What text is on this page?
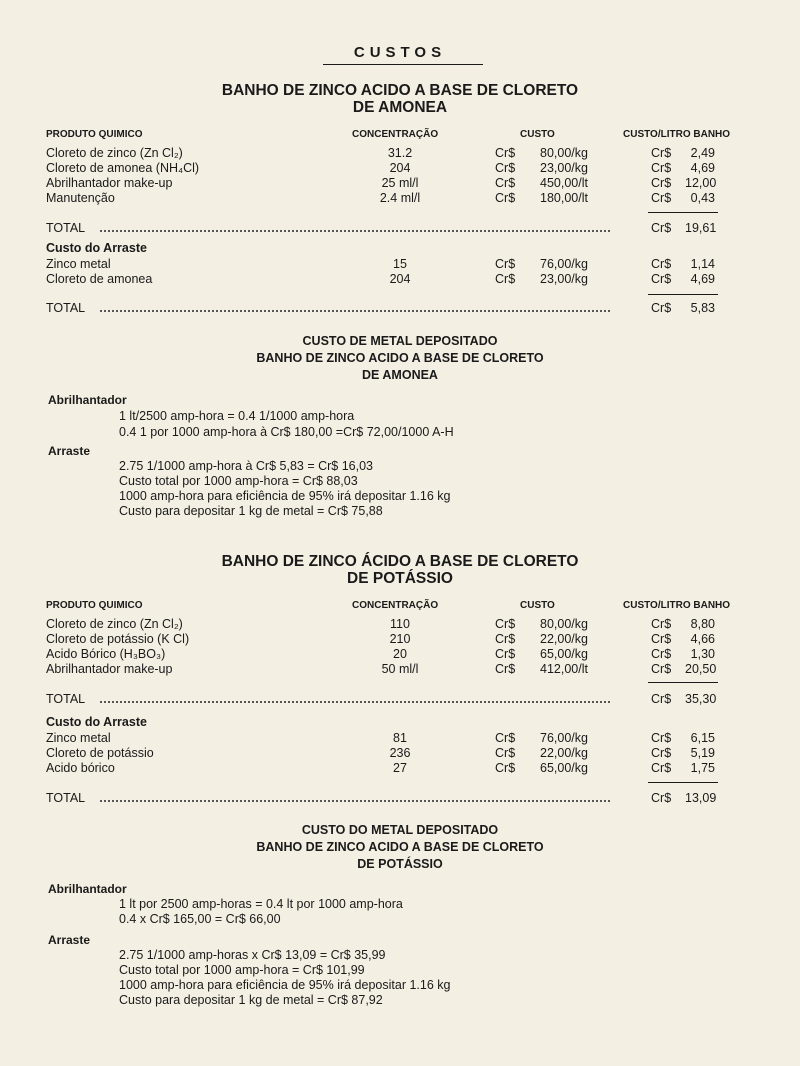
CUSTOS
BANHO DE ZINCO ACIDO A BASE DE CLORETO
DE AMONEA
PRODUTO QUIMICO	CONCENTRAÇÃO	CUSTO	CUSTO/LITRO BANHO
Cloreto de zinco (Zn Cl₂)	31.2	Cr$	80,00/kg	Cr$	2,49
Cloreto de amonea (NH₄Cl)	204	Cr$	23,00/kg	Cr$	4,69
Abrilhantador make-up	25 ml/l	Cr$	450,00/lt	Cr$ 12,00
Manutenção	2.4 ml/l	Cr$	180,00/lt	Cr$	0,43
TOTAL	Cr$ 19,61
Custo do Arraste
Zinco metal	15	Cr$	76,00/kg	Cr$	1,14
Cloreto de amonea	204	Cr$	23,00/kg	Cr$	4,69
TOTAL	Cr$	5,83
CUSTO DE METAL DEPOSITADO
BANHO DE ZINCO ACIDO A BASE DE CLORETO
DE AMONEA
Abrilhantador
1 lt/2500 amp-hora = 0.4 1/1000 amp-hora
0.4 1 por 1000 amp-hora à Cr$ 180,00 =Cr$ 72,00/1000 A-H
Arraste
2.75 1/1000 amp-hora à Cr$ 5,83 = Cr$ 16,03
Custo total por 1000 amp-hora = Cr$ 88,03
1000 amp-hora para eficiência de 95% irá depositar 1.16 kg
Custo para depositar 1 kg de metal = Cr$ 75,88
BANHO DE ZINCO ÁCIDO A BASE DE CLORETO
DE POTÁSSIO
PRODUTO QUIMICO	CONCENTRAÇÃO	CUSTO	CUSTO/LITRO BANHO
Cloreto de zinco (Zn Cl₂)	110	Cr$	80,00/kg	Cr$	8,80
Cloreto de potássio (K Cl)	210	Cr$	22,00/kg	Cr$	4,66
Acido Bórico (H₃BO₃)	20	Cr$	65,00/kg	Cr$	1,30
Abrilhantador make-up	50 ml/l	Cr$	412,00/lt	Cr$ 20,50
TOTAL	Cr$ 35,30
Custo do Arraste
Zinco metal	81	Cr$	76,00/kg	Cr$	6,15
Cloreto de potássio	236	Cr$	22,00/kg	Cr$	5,19
Acido bórico	27	Cr$	65,00/kg	Cr$	1,75
TOTAL	Cr$ 13,09
CUSTO DO METAL DEPOSITADO
BANHO DE ZINCO ACIDO A BASE DE CLORETO
DE POTÁSSIO
Abrilhantador
1 lt por 2500 amp-horas = 0.4 lt por 1000 amp-hora
0.4 x Cr$ 165,00 = Cr$ 66,00
Arraste
2.75 1/1000 amp-horas x Cr$ 13,09 = Cr$ 35,99
Custo total por 1000 amp-hora = Cr$ 101,99
1000 amp-hora para eficiência de 95% irá depositar 1.16 kg
Custo para depositar 1 kg de metal = Cr$ 87,92
